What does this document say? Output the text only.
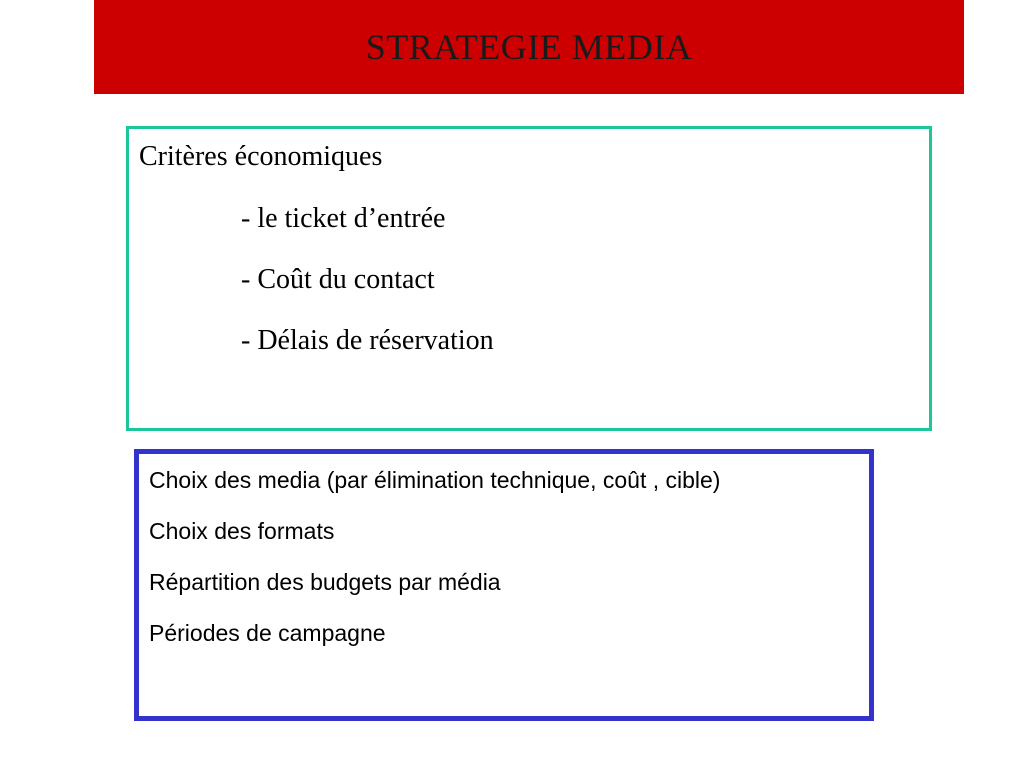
STRATEGIE MEDIA

Critères économiques

- le ticket d’entrée
- Coût du contact
- Délais de réservation
Choix des media (par élimination technique, coût , cible)
Choix des formats
Répartition des budgets par média
Périodes de campagne
